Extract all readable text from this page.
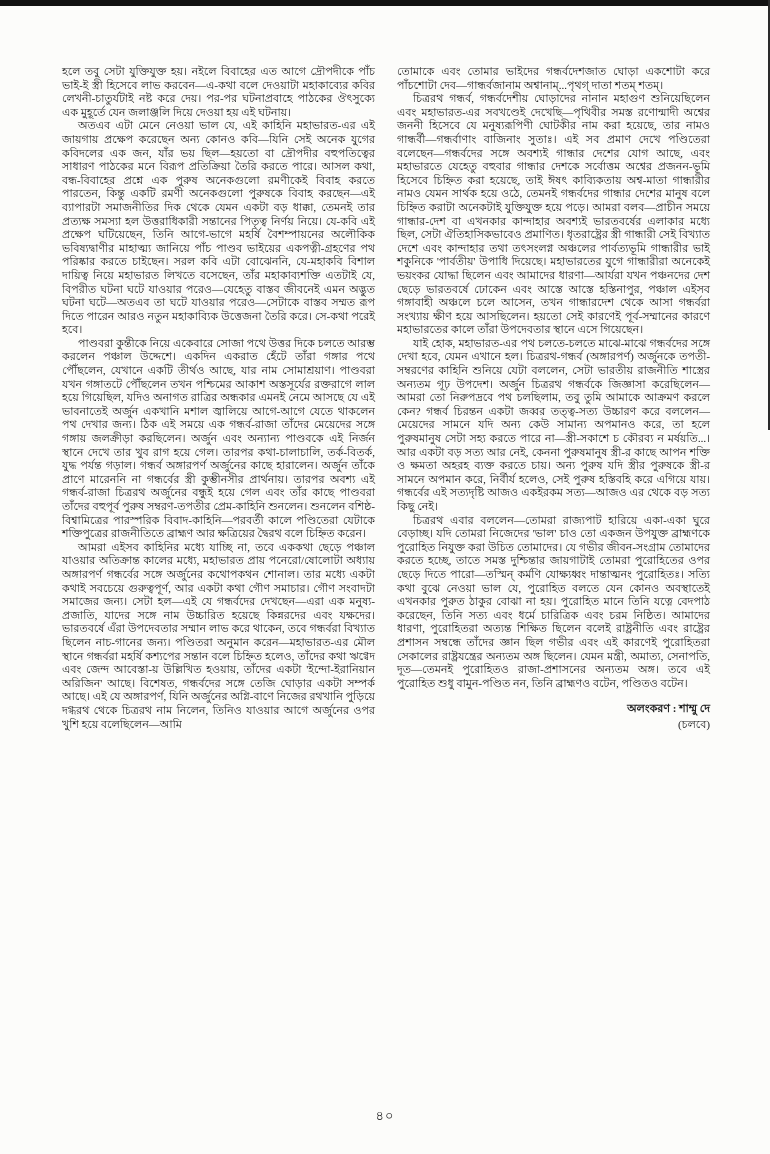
হলে তবু সেটা যুক্তিযুক্ত হয়। নইলে বিবাহের এত আগে দ্রৌপদীকে পাঁচ ভাই-ই স্ত্রী হিসেবে লাভ করবেন—এ-কথা বলে দেওয়াটা মহাকাব্যের কবির লেখনী-চাতুর্যটাই নষ্ট করে দেয়। পর-পর ঘটনাপ্রবাহে পাঠকের ঔৎসুক্যে এক মুহূর্তে যেন জলাঞ্জলি দিয়ে দেওয়া হয় এই ঘটনায়।

অতএব এটা মেনে নেওয়া ভাল যে, এই কাহিনি মহাভারত-এর এই জায়গায় প্রক্ষেপ করেছেন অন্য কোনও কবি—যিনি সেই অনেক যুগের কবিদলের এক জন, যাঁর ভয় ছিল—হয়তো বা দ্রৌপদীর বহুপতিত্বের সাধারণ পাঠকের মনে বিরূপ প্রতিক্রিয়া তৈরি করতে পারে। আসল কথা, বন্ধ-বিবাহের প্রশ্নে এক পুরুষ অনেকগুলো রমণীকেই বিবাহ করতে পারতেন, কিন্তু একটি রমণী অনেকগুলো পুরুষকে বিবাহ করছেন—এই ব্যাপারটা সমাজনীতির দিক থেকে যেমন একটা বড় ধাক্কা, তেমনই তার প্রত্যক্ষ সমস্যা হল উত্তরাধিকারী সন্তানের পিতৃত্ব নির্ণয় নিয়ে। যে-কবি এই প্রক্ষেপ ঘটিয়েছেন, তিনি আগে-ভাগে মহর্ষি বৈশম্পায়নের অলৌকিক ভবিষ্যদ্বাণীর মাহাত্ম্য জানিয়ে পাঁচ পাণ্ডব ভাইয়ের একপত্নী-গ্রহণের পথ পরিষ্কার করতে চাইছেন। সরল কবি এটা বোঝেননি, যে-মহাকবি বিশাল দায়িত্ব নিয়ে মহাভারত লিখতে বসেছেন, তাঁর মহাকাব্যশক্তি এতটাই যে, বিপরীত ঘটনা ঘটে যাওয়ার পরেও—যেহেতু বাস্তব জীবনেই এমন অদ্ভুত ঘটনা ঘটে—অতএব তা ঘটে যাওয়ার পরেও—সেটাকে বাস্তব সম্মত রূপ দিতে পারেন আরও নতুন মহাকাব্যিক উত্তেজনা তৈরি করে। সে-কথা পরেই হবে।

পাণ্ডবরা কুন্তীকে নিয়ে একেবারে সোজা পথে উত্তর দিকে চলতে আরম্ভ করলেন পঞ্চাল উদ্দেশে। একদিন একরাত হেঁটে তাঁরা গঙ্গার পথে পৌঁছলেন, যেখানে একটি তীর্থও আছে, যার নাম সোমাশ্রয়াণ। পাণ্ডবরা যখন গঙ্গাতটে পৌঁছলেন তখন পশ্চিমের আকাশ অস্তসূর্যের রক্তরাগে লাল হয়ে গিয়েছিল, যদিও অনাগত রাত্রির অন্ধকার এমনই নেমে আসছে যে এই ভাবনাতেই অর্জুন একখানি মশাল জ্বালিয়ে আগে-আগে যেতে থাকলেন পথ দেখার জন্য। ঠিক এই সময়ে এক গন্ধর্ব-রাজা তাঁদের মেয়েদের সঙ্গে গঙ্গায় জলক্রীড়া করছিলেন। অর্জুন এবং অন্যান্য পাণ্ডবকে এই নির্জন স্থানে দেখে তার খুব রাগ হয়ে গেল। তারপর কথা-চালাচালি, তর্ক-বিতর্ক, যুদ্ধ পর্যন্ত গড়াল। গন্ধর্ব অঙ্গারপর্ণ অর্জুনের কাছে হারালেন। অর্জুন তাঁকে প্রাণে মারেননি না গন্ধর্বের স্ত্রী কুম্ভীনসীর প্রার্থনায়। তারপর অবশ্য এই গন্ধর্ব-রাজা চিত্ররথ অর্জুনের বন্ধুই হয়ে গেল এবং তাঁর কাছে পাণ্ডবরা তাঁদের বহুপূর্ব পুরুষ সম্বরণ-তপতীর প্রেম-কাহিনি শুনলেন। শুনলেন বশিষ্ঠ-বিশ্বামিত্রের পারস্পরিক বিবাদ-কাহিনি—পরবর্তী কালে পণ্ডিতেরা যেটাকে শক্তিপুত্রের রাজনীতিতে ব্রাহ্মণ আর ক্ষত্রিয়ের দ্বৈরথ বলে চিহ্নিত করেন।

আমরা এইসব কাহিনির মধ্যে যাচ্ছি না, তবে এককথা ছেড়ে পঞ্চাল যাওয়ার অতিক্রান্ত কালের মধ্যে, মহাভারত প্রায় পনেরো/ষোলোটা অধ্যায় অঙ্গারপর্ণ গন্ধর্বের সঙ্গে অর্জুনের কথোপকথন শোনাল। তার মধ্যে একটা কথাই সবচেয়ে গুরুত্বপূর্ণ, আর একটা কথা গৌণ সমাচার। গৌণ সংবাদটা সমাজের জন্য। সেটা হল—এই যে গন্ধর্বদের দেখছেন—এরা এক মনুষ্য-প্রজাতি, যাদের সঙ্গে নাম উচ্চারিত হয়েছে কিন্নরদের এবং যক্ষদের। ভারতবর্ষে এঁরা উপদেবতার সম্মান লাভ করে থাকেন, তবে গন্ধর্বরা বিখ্যাত ছিলেন নাচ-গানের জন্য। পণ্ডিতরা অনুমান করেন—মহাভারত-এর মৌল স্থানে গন্ধর্বরা মহর্ষি কশ্যপের সন্তান বলে চিহ্নিত হলেও, তাঁদের কথা ঋগ্বেদ এবং জেন্দ আবেস্তা-য় উল্লিখিত হওয়ায়, তাঁদের একটা 'ইন্দো-ইরানিয়ান অরিজিন' আছে। বিশেষত, গন্ধর্বদের সঙ্গে তেজি ঘোড়ার একটা সম্পর্ক আছে। এই যে অঙ্গারপর্ণ, যিনি অর্জুনের অগ্নি-বাণে নিজের রথখানি পুড়িয়ে দগ্ধরথ থেকে চিত্ররথ নাম নিলেন, তিনিও যাওয়ার আগে অর্জুনের ওপর খুশি হয়ে বলেছিলেন—আমি

তোমাকে এবং তোমার ভাইদের গন্ধর্বদেশজাত ঘোড়া একশোটা করে পাঁচশোটা দেব—গান্ধর্বজানাম অশ্বানাম্...পৃথগ্ দাতা শতম্ শতম্।

চিত্ররথ গন্ধর্ব, গন্ধর্বদেশীয় ঘোড়াদের নানান মহাগুণ শুনিয়েছিলেন এবং মহাভারত-এর সবখণ্ডেই দেখেছি—পৃথিবীর সমস্ত রণোন্মাদী অশ্বের জননী হিসেবে যে মনুষ্যরূপিণী ঘোটকীর নাম করা হয়েছে, তার নামও গান্ধর্বী—গন্ধর্বাণাং বাজিনাং সুতাঃ। এই সব প্রমাণ দেখে পণ্ডিতেরা বলেছেন—গন্ধর্বদের সঙ্গে অবশ্যই গান্ধার দেশের যোগ আছে, এবং মহাভারতে যেহেতু বহুবার গান্ধার দেশকে সর্বোত্তম অশ্বের প্রজনন-ভূমি হিসেবে চিহ্নিত করা হয়েছে, তাই ঈষৎ কাব্যিকতায় অশ্ব-মাতা গান্ধারীর নামও যেমন সার্থক হয়ে ওঠে, তেমনই গন্ধর্বদের গান্ধার দেশের মানুষ বলে চিহ্নিত করাটা অনেকটাই যুক্তিযুক্ত হয়ে পড়ে। আমরা বলব—প্রাচীন সময়ে গান্ধার-দেশ বা এখনকার কান্দাহার অবশ্যই ভারতবর্ষের এলাকার মধ্যে ছিল, সেটা ঐতিহাসিকভাবেও প্রমাণিত। ধৃতরাষ্ট্রের স্ত্রী গান্ধারী সেই বিখ্যাত দেশে এবং কান্দাহার তথা তৎসংলগ্ন অঞ্চলের পার্বত্যভূমি গান্ধারীর ভাই শকুনিকে 'পার্বতীয়' উপাধি দিয়েছে। মহাভারতের যুগে গান্ধারীরা অনেকেই ভয়ংকর যোদ্ধা ছিলেন এবং আমাদের ধারণা—আর্যরা যখন পঞ্চনদের দেশ ছেড়ে ভারতবর্ষে ঢোকেন এবং আস্তে আস্তে হস্তিনাপুর, পঞ্চাল এইসব গঙ্গাবাহী অঞ্চলে চলে আসেন, তখন গান্ধারদেশ থেকে আসা গন্ধর্বরা সংখ্যায় ক্ষীণ হয়ে আসছিলেন। হয়তো সেই কারণেই পূর্ব-সম্মানের কারণে মহাভারতের কালে তাঁরা উপদেবতার স্থানে এসে গিয়েছেন।

যাই হোক, মহাভারত-এর পথ চলতে-চলতে মাঝে-মাঝে গন্ধর্বদের সঙ্গে দেখা হবে, যেমন এখানে হল। চিত্ররথ-গন্ধর্ব (অঙ্গারপর্ণ) অর্জুনকে তপতী-সম্বরণের কাহিনি শুনিয়ে যেটা বললেন, সেটা ভারতীয় রাজনীতি শাস্ত্রের অন্যতম গূঢ় উপদেশ। অর্জুন চিত্ররথ গন্ধর্বকে জিজ্ঞাসা করেছিলেন—আমরা তো নিরুপদ্রবে পথ চলছিলাম, তবু তুমি আমাকে আক্রমণ করলে কেন? গন্ধর্ব চিরন্তন একটা জব্বর তত্ত্ব-সত্য উচ্চারণ করে বললেন—মেয়েদের সামনে যদি অন্য কেউ সামান্য অপমানও করে, তা হলে পুরুষমানুষ সেটা সহ্য করতে পারে না—স্ত্রী-সকাশে চ কৌরব্য ন মর্ষয়তি...। আর একটা বড় সত্য আর নেই, কেননা পুরুষমানুষ স্ত্রী-র কাছে আপন শক্তি ও ক্ষমতা অহরহ ব্যক্ত করতে চায়। অন্য পুরুষ যদি স্ত্রীর পুরুষকে স্ত্রী-র সামনে অপমান করে, নির্বীর্য হলেও, সেই পুরুষ হস্তিবহি করে এগিয়ে যায়। গন্ধর্বের এই সত্যদৃষ্টি আজও একইরকম সত্য—আজও এর থেকে বড় সত্য কিছু নেই।

চিত্ররথ এবার বললেন—তোমরা রাজ্যপাট হারিয়ে একা-একা ঘুরে বেড়াচ্ছ। যদি তোমরা নিজেদের 'ভাল' চাও তো একজন উপযুক্ত ব্রাহ্মণকে পুরোহিত নিযুক্ত করা উচিত তোমাদের। যে গভীর জীবন-সংগ্রাম তোমাদের করতে হচ্ছে, তাতে সমস্ত দুশ্চিন্তার জায়গাটাই তোমরা পুরোহিতের ওপর ছেড়ে দিতে পারো—তস্মিন্ কর্মণি যোক্ষ্যধ্বং দান্তাত্মনং পুরোহিতঃ। সত্যি কথা বুঝে নেওয়া ভাল যে, পুরোহিত বলতে যেন কোনও অবস্থাতেই এখনকার পুরুত ঠাকুর বোঝা না হয়। পুরোহিত মানে তিনি যত্নে বেদপাঠ করেছেন, তিনি সত্য এবং ধর্মে চারিত্রিক এবং চরম নিষ্ঠিত। আমাদের ধারণা, পুরোহিতরা অত্যন্ত শিক্ষিত ছিলেন বলেই রাষ্ট্রনীতি এবং রাষ্ট্রের প্রশাসন সম্বন্ধে তাঁদের জ্ঞান ছিল গভীর এবং এই কারণেই পুরোহিতরা সেকালের রাষ্ট্রযন্ত্রের অন্যতম অঙ্গ ছিলেন। যেমন মন্ত্রী, অমাত্য, সেনাপতি, দূত—তেমনই পুরোহিতও রাজা-প্রশাসনের অন্যতম অঙ্গ। তবে এই পুরোহিত শুধু বামুন-পণ্ডিত নন, তিনি ব্রাহ্মণও বটেন, পণ্ডিতও বটেন।

অলংকরণ : শাম্মু দে
(চলবে)
৪০
